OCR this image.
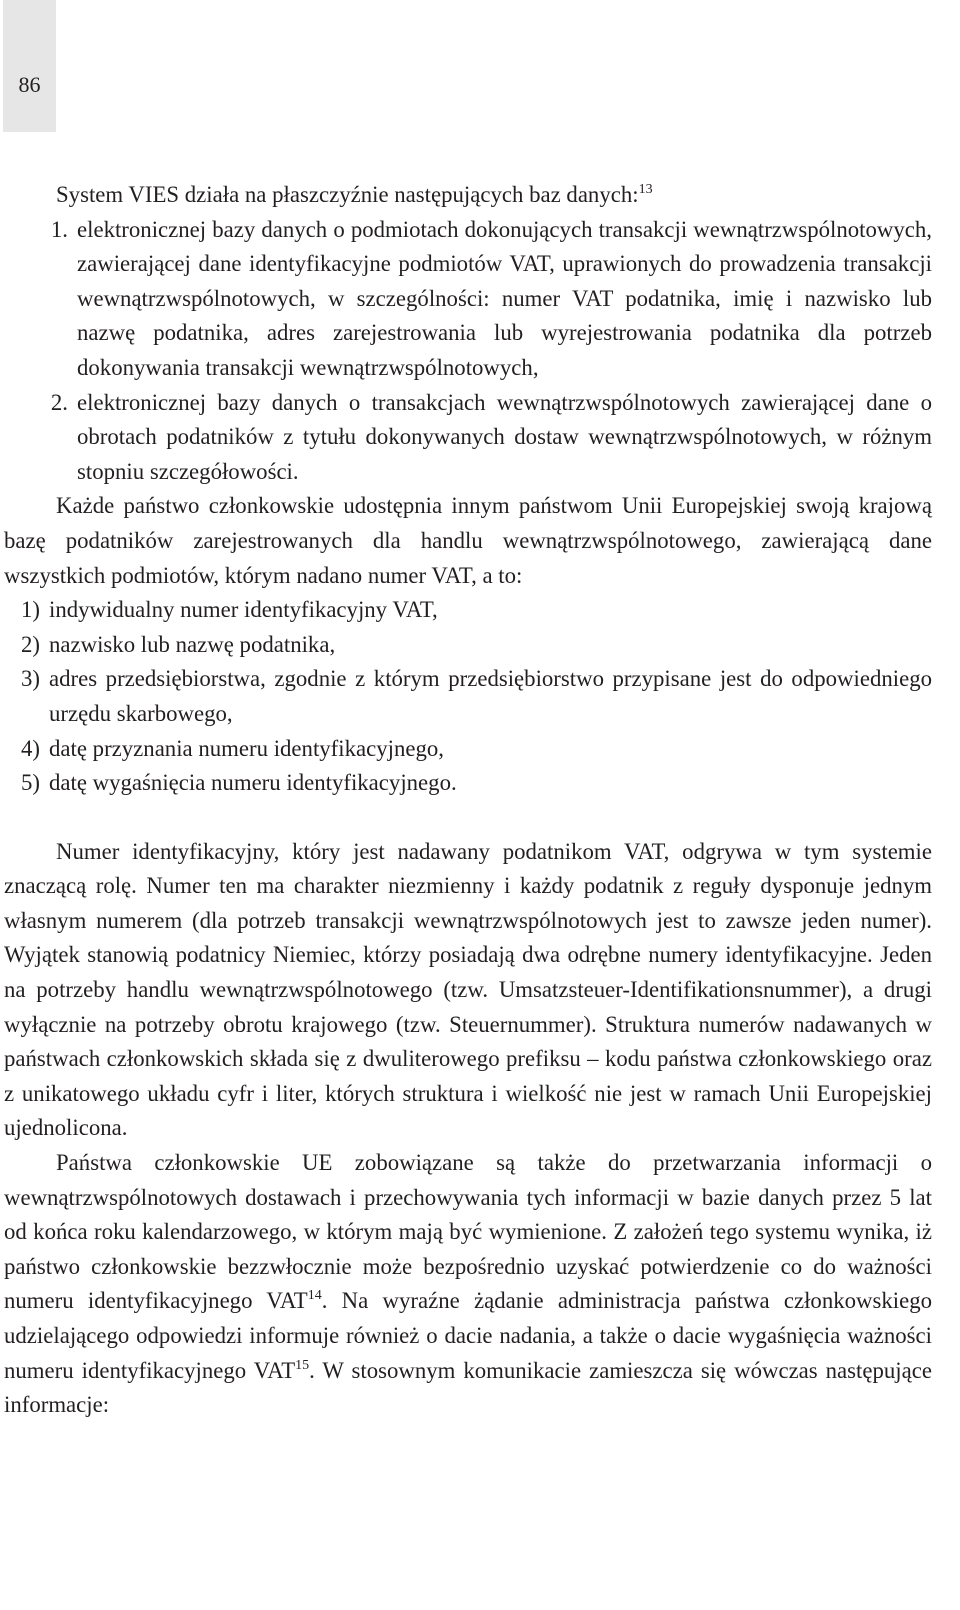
86

System VIES działa na płaszczyźnie następujących baz danych:$^{13}$

1. elektronicznej bazy danych o podmiotach dokonujących transakcji wewnątrzwspólnotowych, zawierającej dane identyfikacyjne podmiotów VAT, uprawionych do prowadzenia transakcji wewnątrzwspólnotowych, w szczególności: numer VAT podatnika, imię i nazwisko lub nazwę podatnika, adres zarejestrowania lub wyrejestrowania podatnika dla potrzeb dokonywania transakcji wewnątrzwspólnotowych,
2. elektronicznej bazy danych o transakcjach wewnątrzwspólnotowych zawierającej dane o obrotach podatników z tytułu dokonywanych dostaw wewnątrzwspólnotowych, w różnym stopniu szczegółowości.

Każde państwo członkowskie udostępnia innym państwom Unii Europejskiej swoją krajową bazę podatników zarejestrowanych dla handlu wewnątrzwspólnotowego, zawierającą dane wszystkich podmiotów, którym nadano numer VAT, a to:

1) indywidualny numer identyfikacyjny VAT,
2) nazwisko lub nazwę podatnika,
3) adres przedsiębiorstwa, zgodnie z którym przedsiębiorstwo przypisane jest do odpowiedniego urzędu skarbowego,
4) datę przyznania numeru identyfikacyjnego,
5) datę wygaśnięcia numeru identyfikacyjnego.

Numer identyfikacyjny, który jest nadawany podatnikom VAT, odgrywa w tym systemie znaczącą rolę. Numer ten ma charakter niezmienny i każdy podatnik z reguły dysponuje jednym własnym numerem (dla potrzeb transakcji wewnątrzwspólnotowych jest to zawsze jeden numer). Wyjątek stanowią podatnicy Niemiec, którzy posiadają dwa odrębne numery identyfikacyjne. Jeden na potrzeby handlu wewnątrzwspólnotowego (tzw. Umsatzsteuer-Identifikationsnummer), a drugi wyłącznie na potrzeby obrotu krajowego (tzw. Steuernummer). Struktura numerów nadawanych w państwach członkowskich składa się z dwuliterowego prefiksu – kodu państwa członkowskiego oraz z unikatowego układu cyfr i liter, których struktura i wielkość nie jest w ramach Unii Europejskiej ujednolicona.

Państwa członkowskie UE zobowiązane są także do przetwarzania informacji o wewnątrzwspólnotowych dostawach i przechowywania tych informacji w bazie danych przez 5 lat od końca roku kalendarzowego, w którym mają być wymienione. Z założeń tego systemu wynika, iż państwo członkowskie bezzwłocznie może bezpośrednio uzyskać potwierdzenie co do ważności numeru identyfikacyjnego VAT$^{14}$. Na wyraźne żądanie administracja państwa członkowskiego udzielającego odpowiedzi informuje również o dacie nadania, a także o dacie wygaśnięcia ważności numeru identyfikacyjnego VAT$^{15}$. W stosownym komunikacie zamieszcza się wówczas następujące informacje:
